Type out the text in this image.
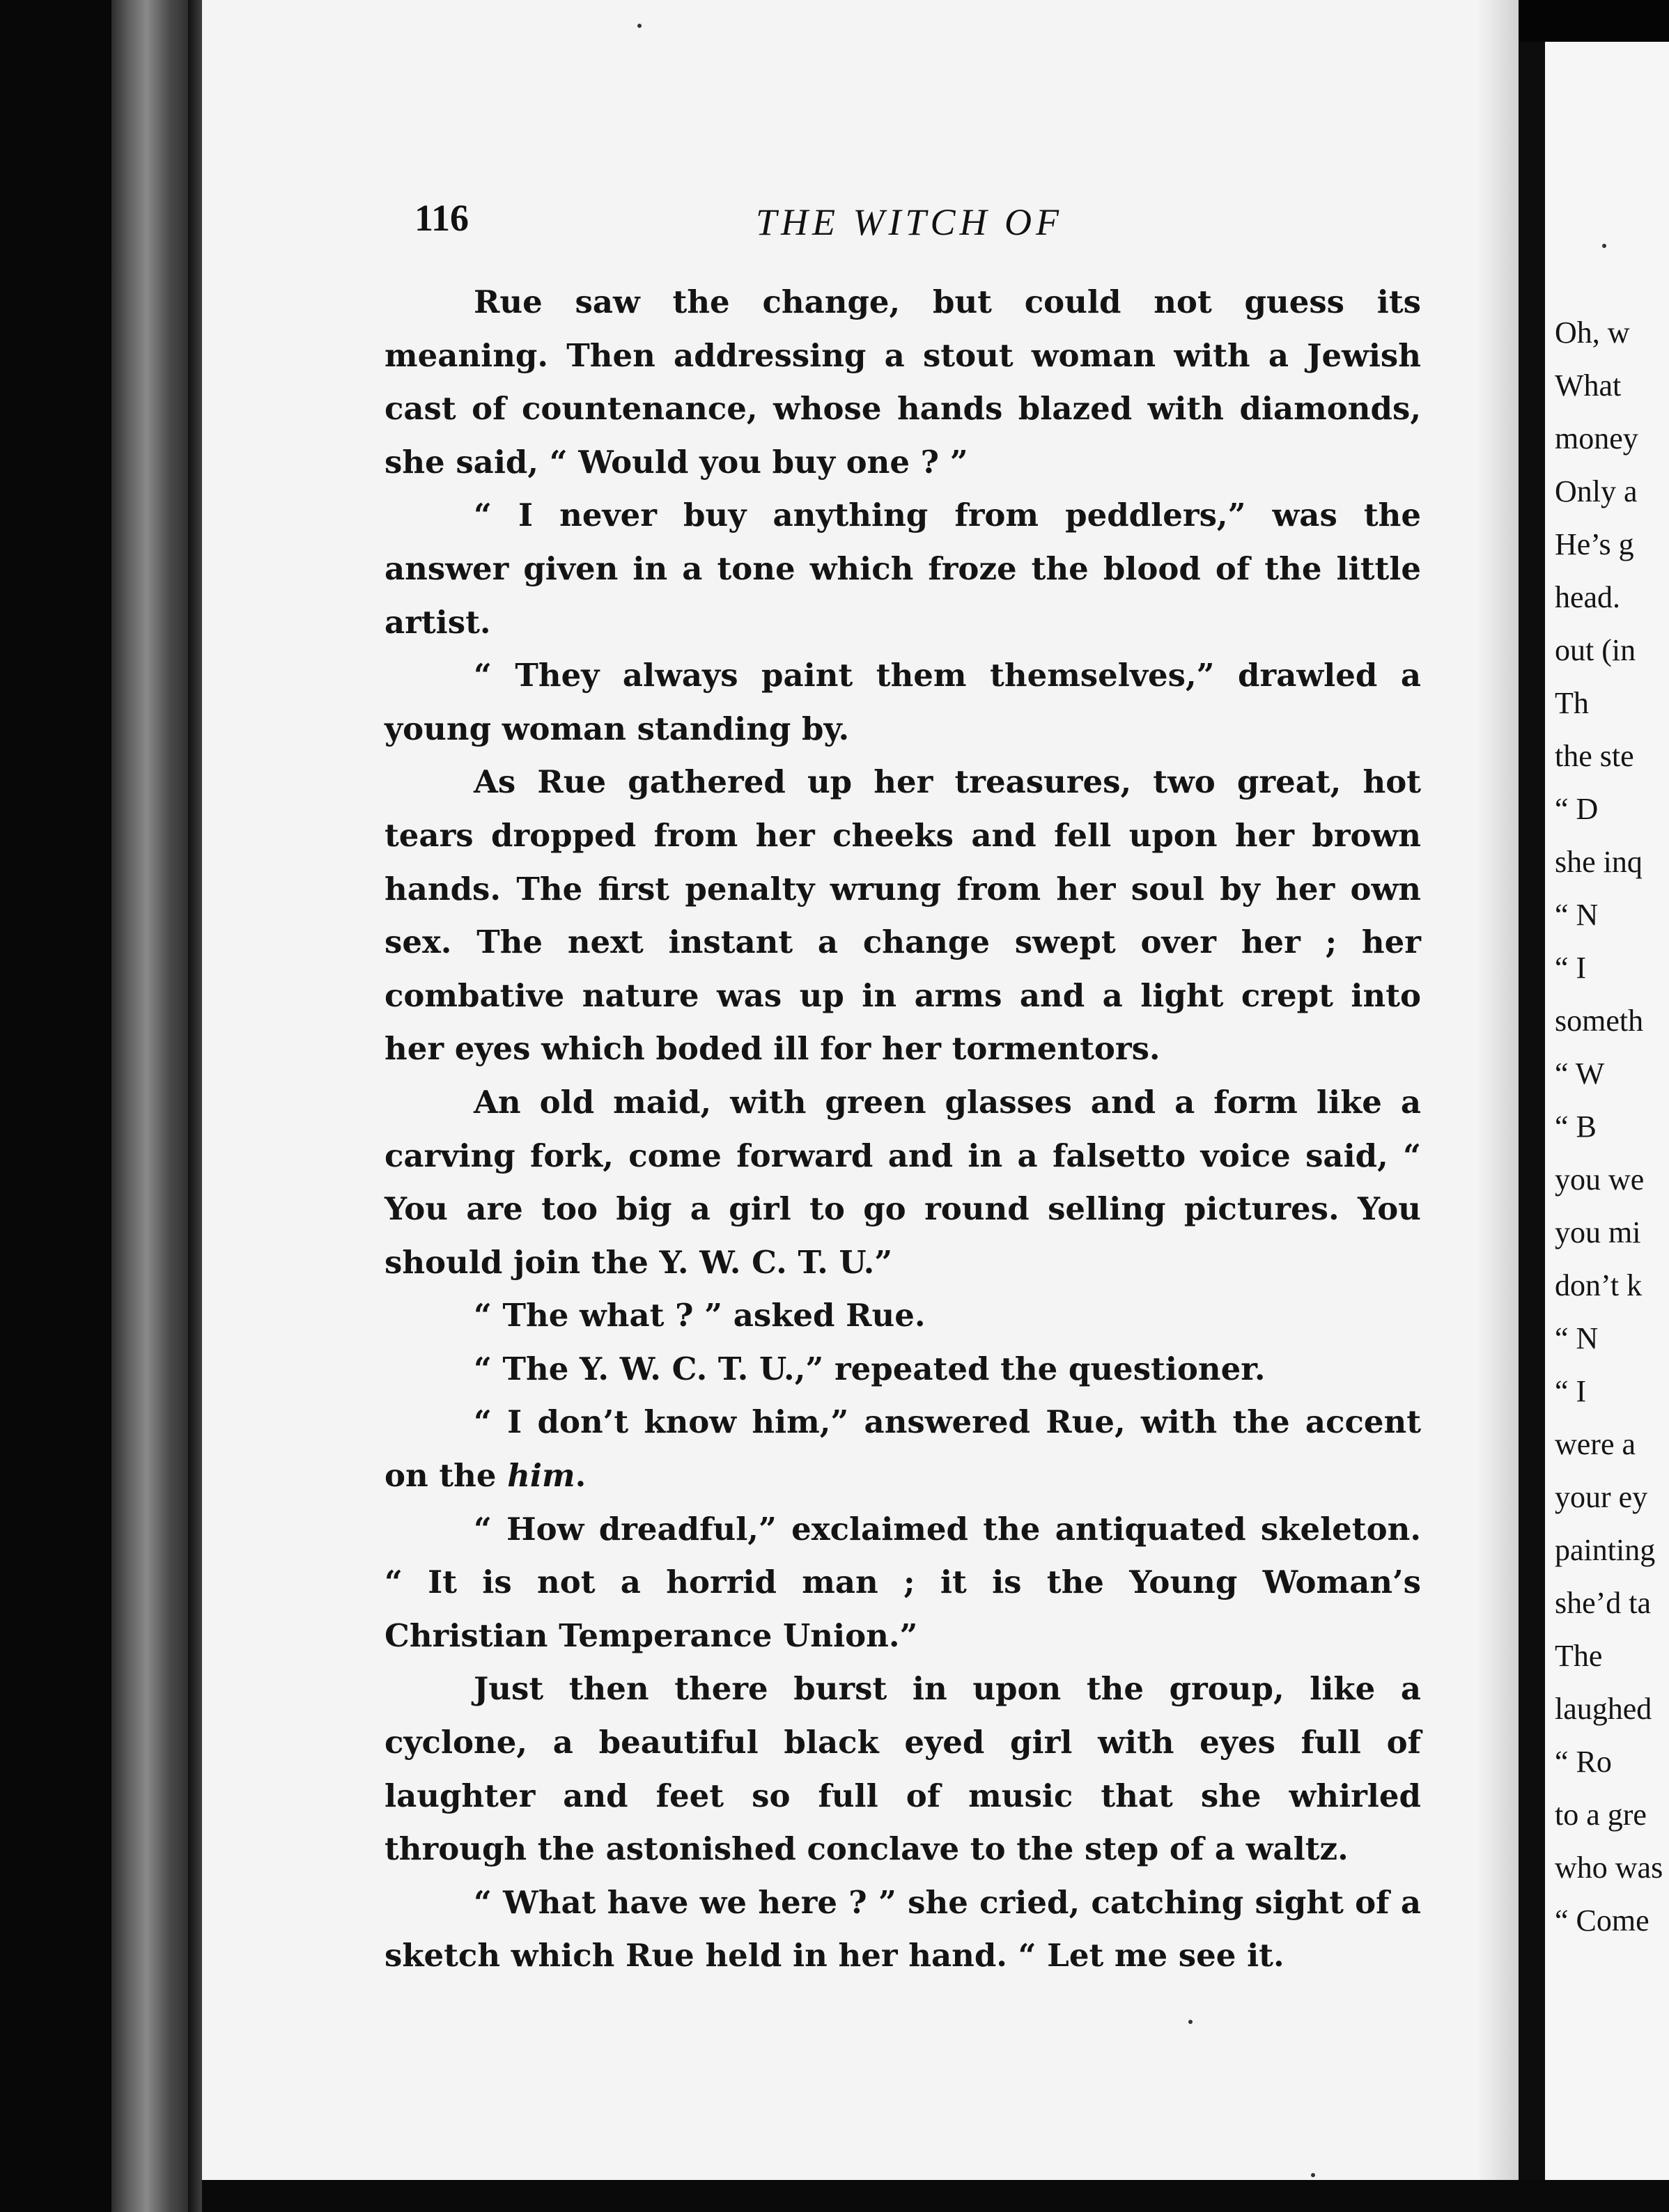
116	THE WITCH OF

Rue saw the change, but could not guess its meaning. Then addressing a stout woman with a Jewish cast of countenance, whose hands blazed with diamonds, she said, “ Would you buy one ? ”

“ I never buy anything from peddlers,” was the answer given in a tone which froze the blood of the little artist.

“ They always paint them themselves,” drawled a young woman standing by.

As Rue gathered up her treasures, two great, hot tears dropped from her cheeks and fell upon her brown hands. The first penalty wrung from her soul by her own sex. The next instant a change swept over her ; her combative nature was up in arms and a light crept into her eyes which boded ill for her tormentors.

An old maid, with green glasses and a form like a carving fork, come forward and in a falsetto voice said, “ You are too big a girl to go round selling pictures. You should join the Y. W. C. T. U.”

“ The what ? ” asked Rue.

“ The Y. W. C. T. U.,” repeated the questioner.

“ I don’t know him,” answered Rue, with the accent on the him.

“ How dreadful,” exclaimed the antiquated skeleton. “ It is not a horrid man ; it is the Young Woman’s Christian Temperance Union.”

Just then there burst in upon the group, like a cyclone, a beautiful black eyed girl with eyes full of laughter and feet so full of music that she whirled through the astonished conclave to the step of a waltz.

“ What have we here ? ” she cried, catching sight of a sketch which Rue held in her hand. “ Let me see it.

Oh, w
What
money
Only a
He’s g
head.
out (in
Th
the ste
“ D
she inq
“ N
“ I
someth
“ W
“ B
you we
you mi
don’t k
“ N
“ I
were a
your ey
painting
she’d ta
The
laughed
“ Ro
to a gre
who was
“ Come
